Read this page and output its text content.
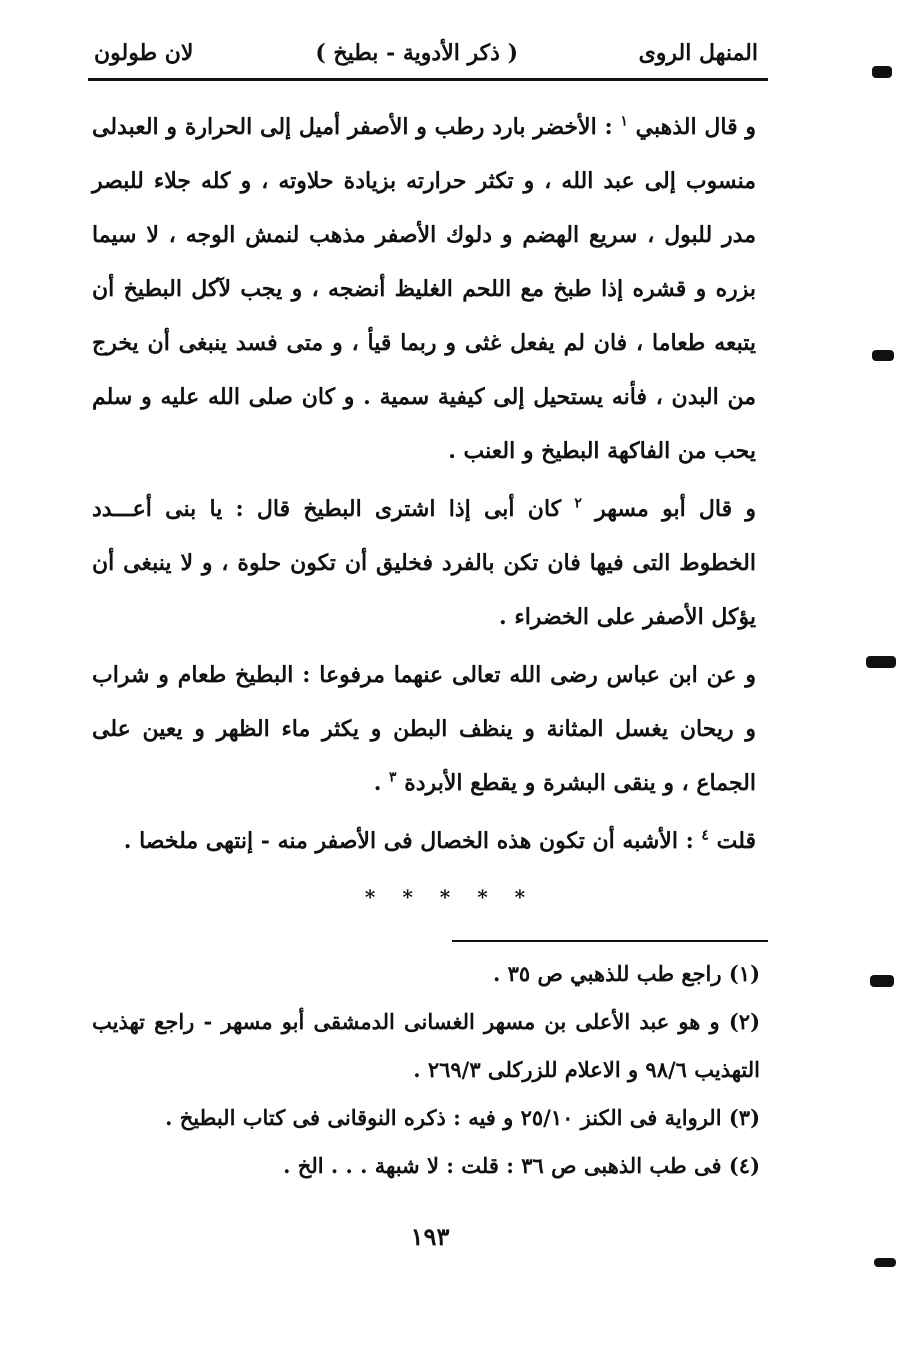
المنهل الروى
( ذكر الأدوية - بطيخ )
لان طولون

و قال الذهبي $^١$ : الأخضر بارد رطب و الأصفر أميل إلى الحرارة و العبدلى منسوب إلى عبد الله ، و تكثر حرارته بزيادة حلاوته ، و كله جلاء للبصر مدر للبول ، سريع الهضم و دلوك الأصفر مذهب لنمش الوجه ، لا سيما بزره و قشره إذا طبخ مع اللحم الغليظ أنضجه ، و يجب لآكل البطيخ أن يتبعه طعاما ، فان لم يفعل غثى و ربما قيأ ، و متى فسد ينبغى أن يخرج من البدن ، فأنه يستحيل إلى كيفية سمية . و كان صلى الله عليه و سلم يحب من الفاكهة البطيخ و العنب .

و قال أبو مسهر $^٢$ كان أبى إذا اشترى البطيخ قال : يا بنى أعـــدد الخطوط التى فيها فان تكن بالفرد فخليق أن تكون حلوة ، و لا ينبغى أن يؤكل الأصفر على الخضراء .

و عن ابن عباس رضى الله تعالى عنهما مرفوعا : البطيخ طعام و شراب و ريحان يغسل المثانة و ينظف البطن و يكثر ماء الظهر و يعين على الجماع ، و ينقى البشرة و يقطع الأبردة $^٣$ .

قلت $^٤$ : الأشبه أن تكون هذه الخصال فى الأصفر منه - إنتهى ملخصا .

* * * * *

(١) راجع طب للذهبي ص ٣٥ .

(٢) و هو عبد الأعلى بن مسهر الغسانى الدمشقى أبو مسهر - راجع تهذيب التهذيب ٩٨/٦ و الاعلام للزركلى ٢٦٩/٣ .

(٣) الرواية فى الكنز ٢٥/١٠ و فيه : ذكره النوقانى فى كتاب البطيخ .

(٤) فى طب الذهبى ص ٣٦ : قلت : لا شبهة . . . الخ .

١٩٣
